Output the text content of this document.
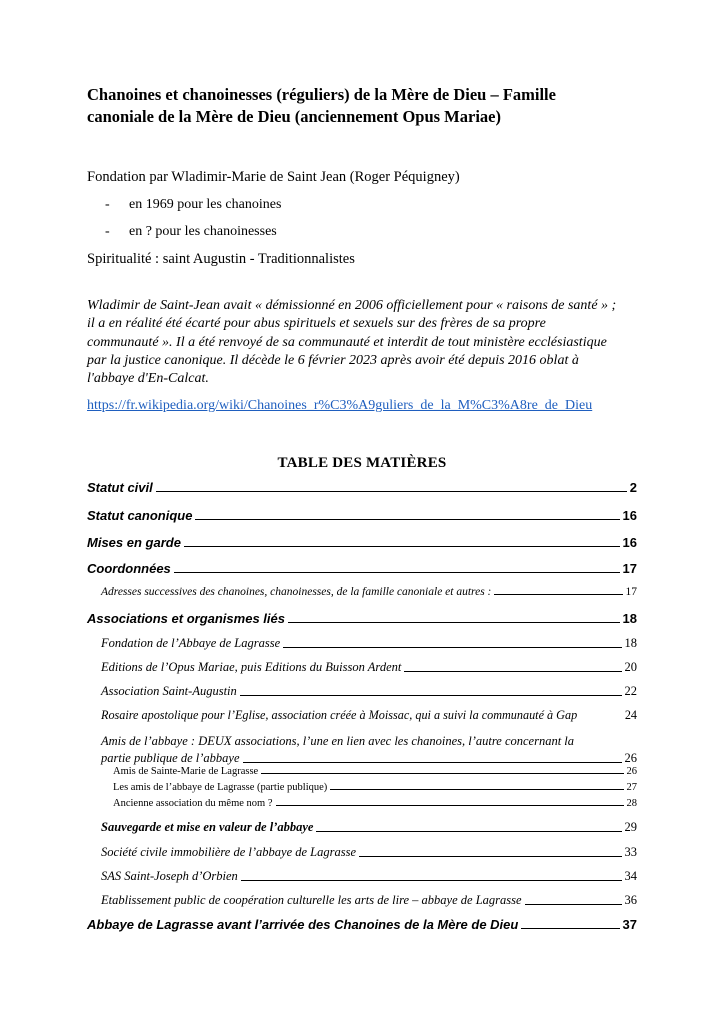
Chanoines et chanoinesses (réguliers) de la Mère de Dieu – Famille
canoniale de la Mère de Dieu (anciennement Opus Mariae)
Fondation par Wladimir-Marie de Saint Jean (Roger Péquigney)
- en 1969 pour les chanoines
- en ? pour les chanoinesses
Spiritualité : saint Augustin - Traditionnalistes
Wladimir de Saint-Jean avait « démissionné en 2006 officiellement pour « raisons de santé » ;
il a en réalité été écarté pour abus spirituels et sexuels sur des frères de sa propre
communauté ». Il a été renvoyé de sa communauté et interdit de tout ministère ecclésiastique
par la justice canonique. Il décède le 6 février 2023 après avoir été depuis 2016 oblat à
l'abbaye d'En-Calcat.
https://fr.wikipedia.org/wiki/Chanoines_r%C3%A9guliers_de_la_M%C3%A8re_de_Dieu
TABLE DES MATIÈRES
Statut civil	2
Statut canonique	16
Mises en garde	16
Coordonnées	17
Adresses successives des chanoines, chanoinesses, de la famille canoniale et autres :	17
Associations et organismes liés	18
Fondation de l’Abbaye de Lagrasse	18
Editions de l’Opus Mariae, puis Editions du Buisson Ardent	20
Association Saint-Augustin	22
Rosaire apostolique pour l’Eglise, association créée à Moissac, qui a suivi la communauté à Gap	24
Amis de l’abbaye : DEUX associations, l’une en lien avec les chanoines, l’autre concernant la
partie publique de l’abbaye	26
Amis de Sainte-Marie de Lagrasse	26
Les amis de l’abbaye de Lagrasse (partie publique)	27
Ancienne association du même nom ?	28
Sauvegarde et mise en valeur de l’abbaye	29
Société civile immobilière de l’abbaye de Lagrasse	33
SAS Saint-Joseph d’Orbien	34
Etablissement public de coopération culturelle les arts de lire – abbaye de Lagrasse	36
Abbaye de Lagrasse avant l’arrivée des Chanoines de la Mère de Dieu	37
